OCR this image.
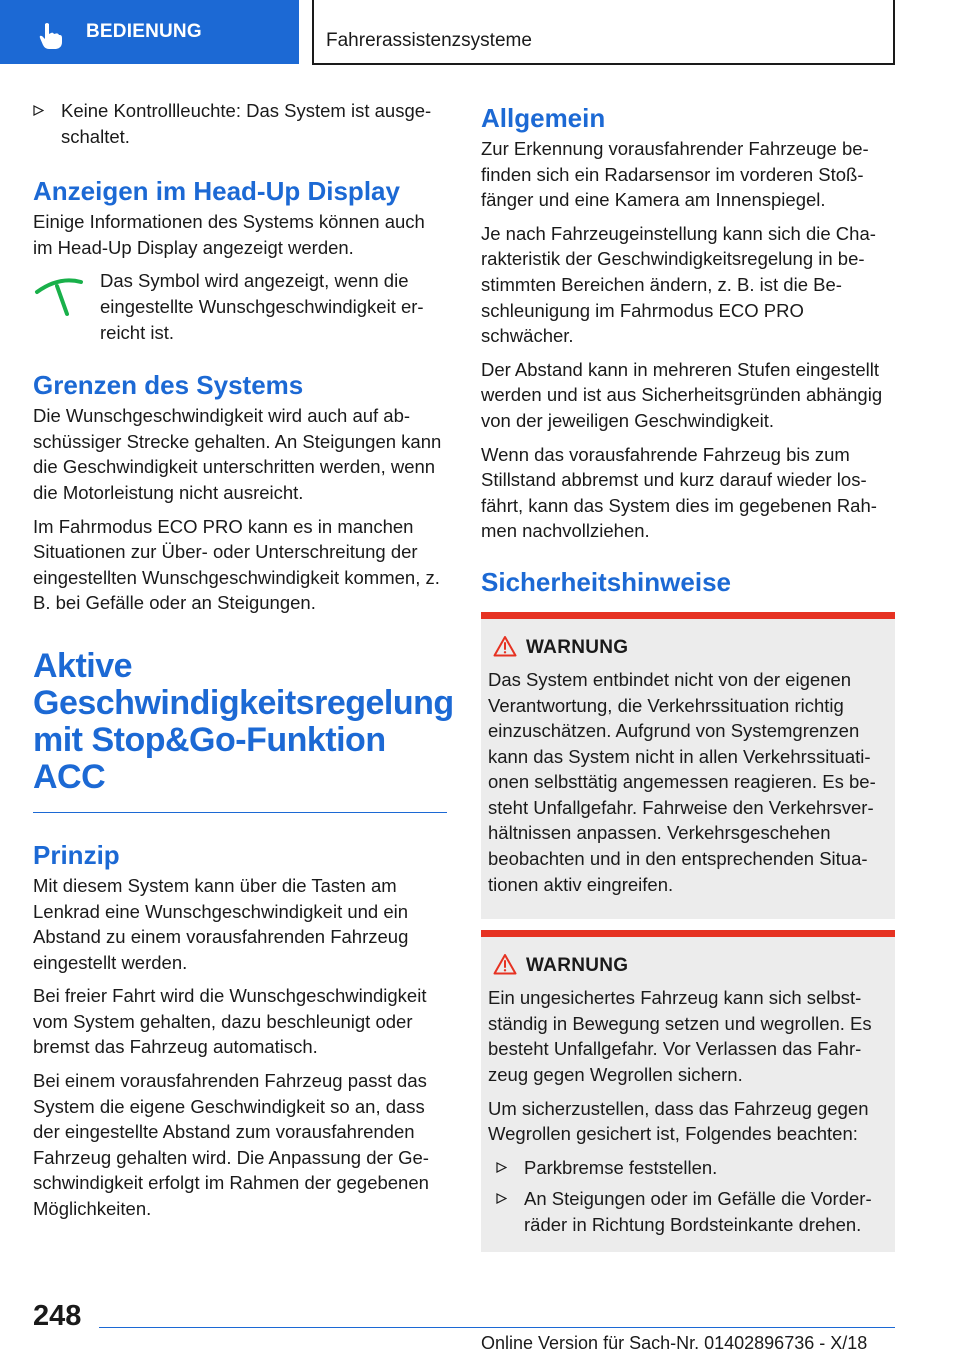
BEDIENUNG	Fahrerassistenzsysteme
Keine Kontrollleuchte: Das System ist ausgeschaltet.
Anzeigen im Head-Up Display

Einige Informationen des Systems können auch im Head-Up Display angezeigt werden.

Das Symbol wird angezeigt, wenn die eingestellte Wunschgeschwindigkeit erreicht ist.

Grenzen des Systems

Die Wunschgeschwindigkeit wird auch auf abschüssiger Strecke gehalten. An Steigungen kann die Geschwindigkeit unterschritten werden, wenn die Motorleistung nicht ausreicht.

Im Fahrmodus ECO PRO kann es in manchen Situationen zur Über- oder Unterschreitung der eingestellten Wunschgeschwindigkeit kommen, z. B. bei Gefälle oder an Steigungen.

Aktive Geschwindigkeitsregelung mit Stop&Go-Funktion ACC
Prinzip

Mit diesem System kann über die Tasten am Lenkrad eine Wunschgeschwindigkeit und ein Abstand zu einem vorausfahrenden Fahrzeug eingestellt werden.

Bei freier Fahrt wird die Wunschgeschwindigkeit vom System gehalten, dazu beschleunigt oder bremst das Fahrzeug automatisch.

Bei einem vorausfahrenden Fahrzeug passt das System die eigene Geschwindigkeit so an, dass der eingestellte Abstand zum vorausfahrenden Fahrzeug gehalten wird. Die Anpassung der Geschwindigkeit erfolgt im Rahmen der gegebenen Möglichkeiten.

Allgemein

Zur Erkennung vorausfahrender Fahrzeuge befinden sich ein Radarsensor im vorderen Stoßfänger und eine Kamera am Innenspiegel.

Je nach Fahrzeugeinstellung kann sich die Charakteristik der Geschwindigkeitsregelung in bestimmten Bereichen ändern, z. B. ist die Beschleunigung im Fahrmodus ECO PRO schwächer.

Der Abstand kann in mehreren Stufen eingestellt werden und ist aus Sicherheitsgründen abhängig von der jeweiligen Geschwindigkeit.

Wenn das vorausfahrende Fahrzeug bis zum Stillstand abbremst und kurz darauf wieder losfährt, kann das System dies im gegebenen Rahmen nachvollziehen.

Sicherheitshinweise
WARNUNG

Das System entbindet nicht von der eigenen Verantwortung, die Verkehrssituation richtig einzuschätzen. Aufgrund von Systemgrenzen kann das System nicht in allen Verkehrssituationen selbsttätig angemessen reagieren. Es besteht Unfallgefahr. Fahrweise den Verkehrsverhältnissen anpassen. Verkehrsgeschehen beobachten und in den entsprechenden Situationen aktiv eingreifen.

WARNUNG

Ein ungesichertes Fahrzeug kann sich selbstständig in Bewegung setzen und wegrollen. Es besteht Unfallgefahr. Vor Verlassen das Fahrzeug gegen Wegrollen sichern.

Um sicherzustellen, dass das Fahrzeug gegen Wegrollen gesichert ist, Folgendes beachten:

Parkbremse feststellen.
An Steigungen oder im Gefälle die Vorderräder in Richtung Bordsteinkante drehen.
248
Online Version für Sach-Nr. 01402896736 - X/18
